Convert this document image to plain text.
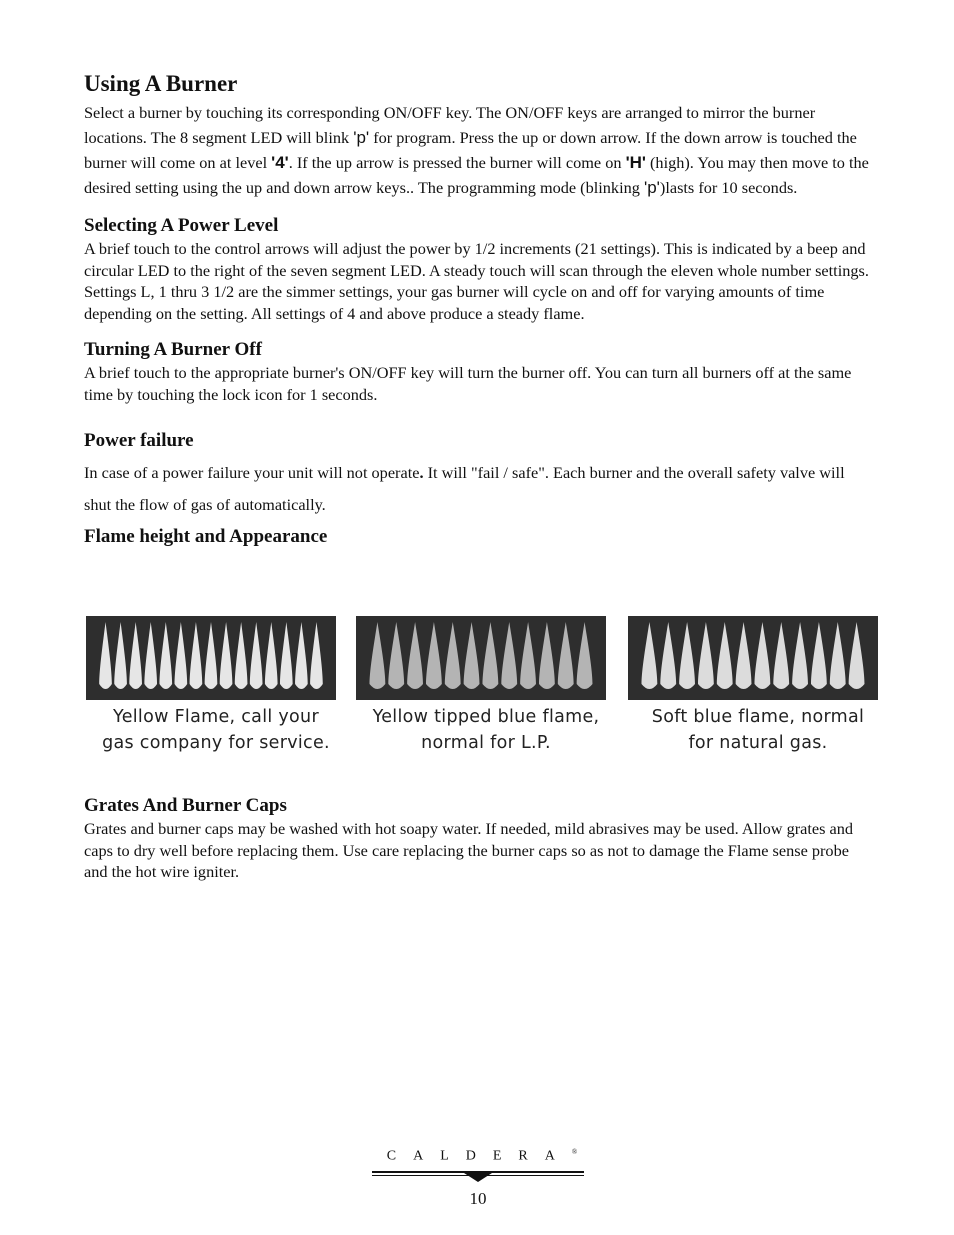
Using A Burner

Select a burner by touching its corresponding ON/OFF key. The ON/OFF keys are arranged to mirror the burner locations. The 8 segment LED will blink 'p' for program. Press the up or down arrow. If the down arrow is touched the burner will come on at level '4'. If the up arrow is pressed the burner will come on 'H' (high). You may then move to the desired setting using the up and down arrow keys.. The programming mode (blinking 'p')lasts for 10 seconds.

Selecting A Power Level

A brief touch to the control arrows will adjust the power by 1/2 increments (21 settings). This is indicated by a beep and circular LED to the right of the seven segment LED. A steady touch will scan through the eleven whole number settings.

Settings L, 1 thru 3 1/2 are the simmer settings, your gas burner will cycle on and off for varying amounts of time depending on the setting. All settings of 4 and above produce a steady flame.

Turning A Burner Off

A brief touch to the appropriate burner's ON/OFF key will turn the burner off. You can turn all burners off at the same time by touching the lock icon for 1 seconds.

Power failure

In case of a power failure your unit will not operate. It will "fail / safe". Each burner and the overall safety valve will shut the flow of gas of automatically.

Flame height and Appearance
Yellow Flame, call your
gas company for service.
Yellow tipped blue flame,
normal for L.P.
Soft blue flame, normal
for natural gas.
Grates And Burner Caps

Grates and burner caps may be washed with hot soapy water. If needed, mild abrasives may be used. Allow grates and caps to dry well before replacing them. Use care replacing the burner caps so as not to damage the Flame sense probe and the hot wire igniter.

CALDERA®
10
